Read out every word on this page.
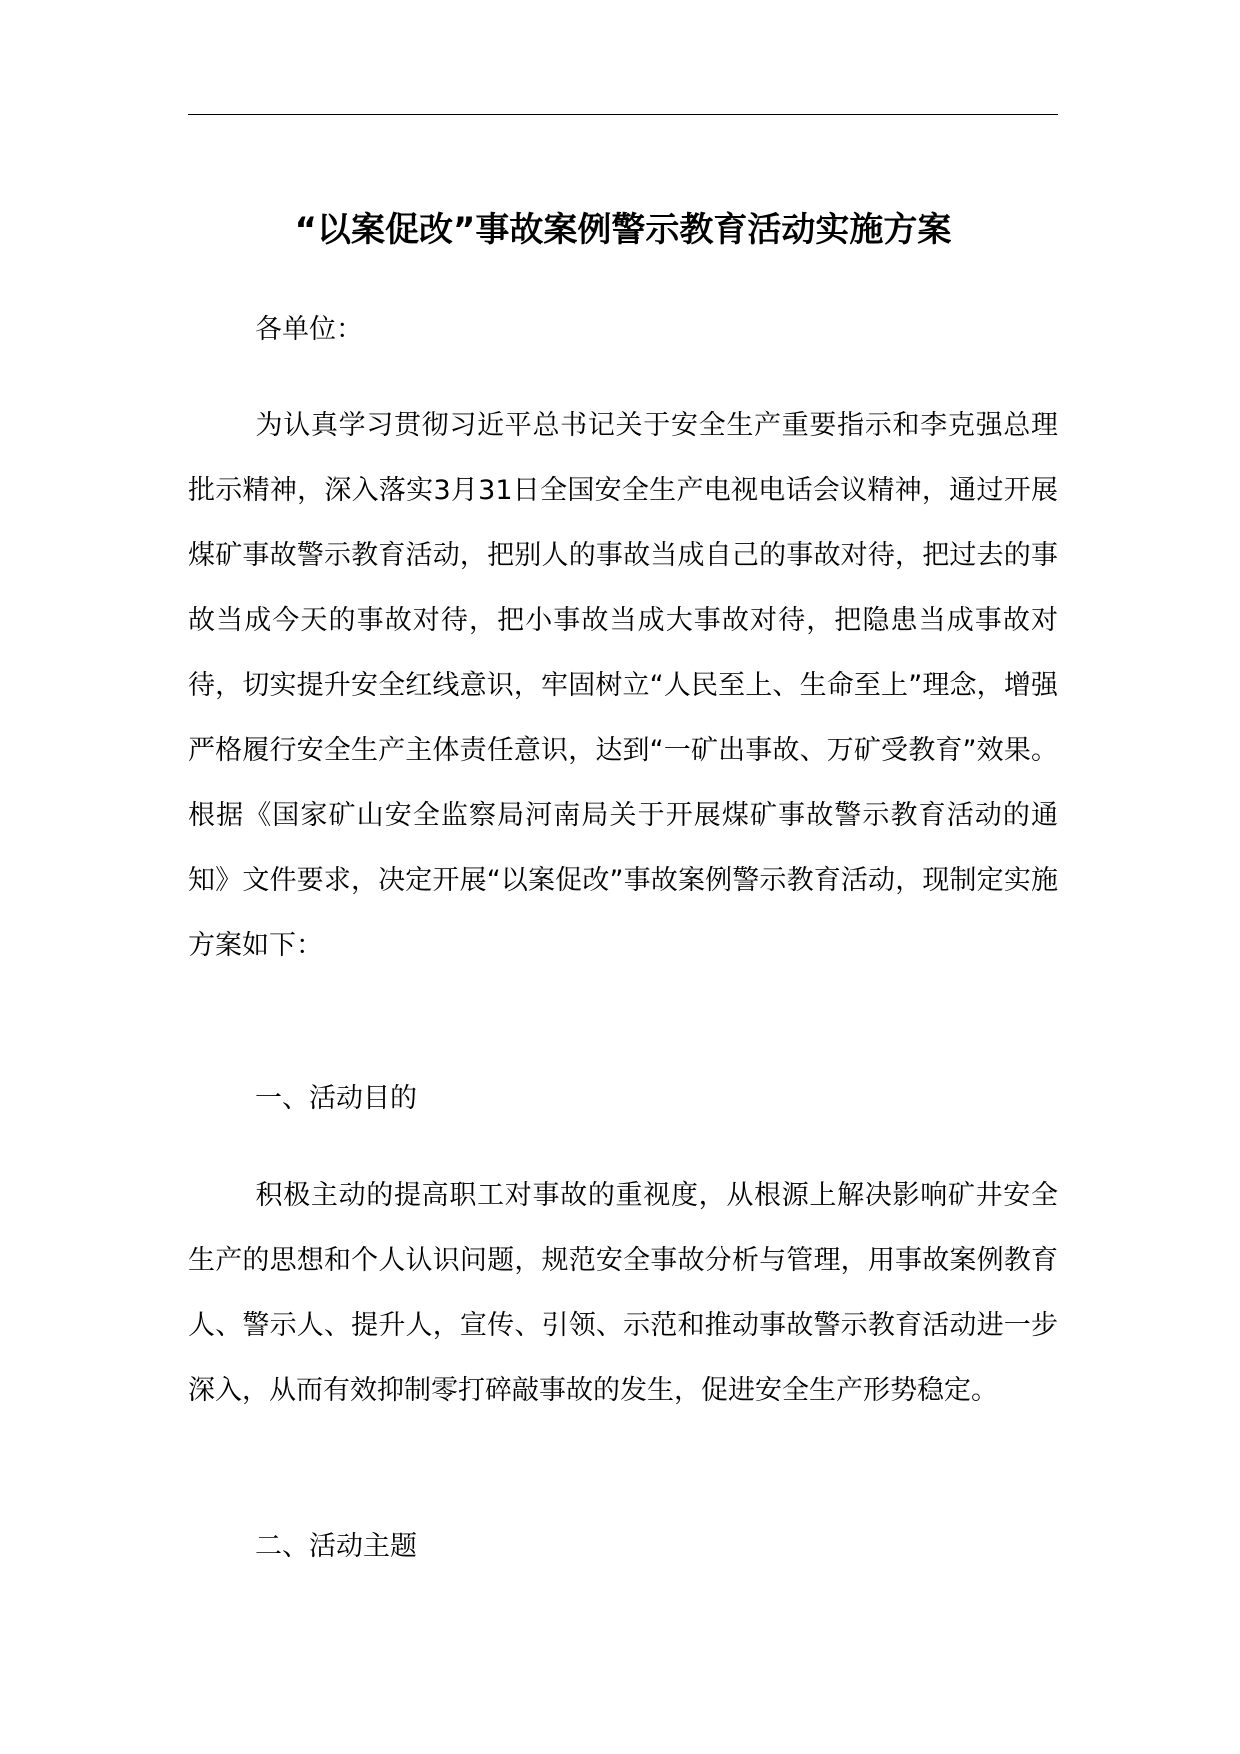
“以案促改”事故案例警示教育活动实施方案

各单位：

为认真学习贯彻习近平总书记关于安全生产重要指示和李克强总理批示精神，深入落实3月31日全国安全生产电视电话会议精神，通过开展煤矿事故警示教育活动，把别人的事故当成自己的事故对待，把过去的事故当成今天的事故对待，把小事故当成大事故对待，把隐患当成事故对待，切实提升安全红线意识，牢固树立“人民至上、生命至上”理念，增强严格履行安全生产主体责任意识，达到“一矿出事故、万矿受教育”效果。根据《国家矿山安全监察局河南局关于开展煤矿事故警示教育活动的通知》文件要求，决定开展“以案促改”事故案例警示教育活动，现制定实施方案如下：

一、活动目的

积极主动的提高职工对事故的重视度，从根源上解决影响矿井安全生产的思想和个人认识问题，规范安全事故分析与管理，用事故案例教育人、警示人、提升人，宣传、引领、示范和推动事故警示教育活动进一步深入，从而有效抑制零打碎敲事故的发生，促进安全生产形势稳定。

二、活动主题
